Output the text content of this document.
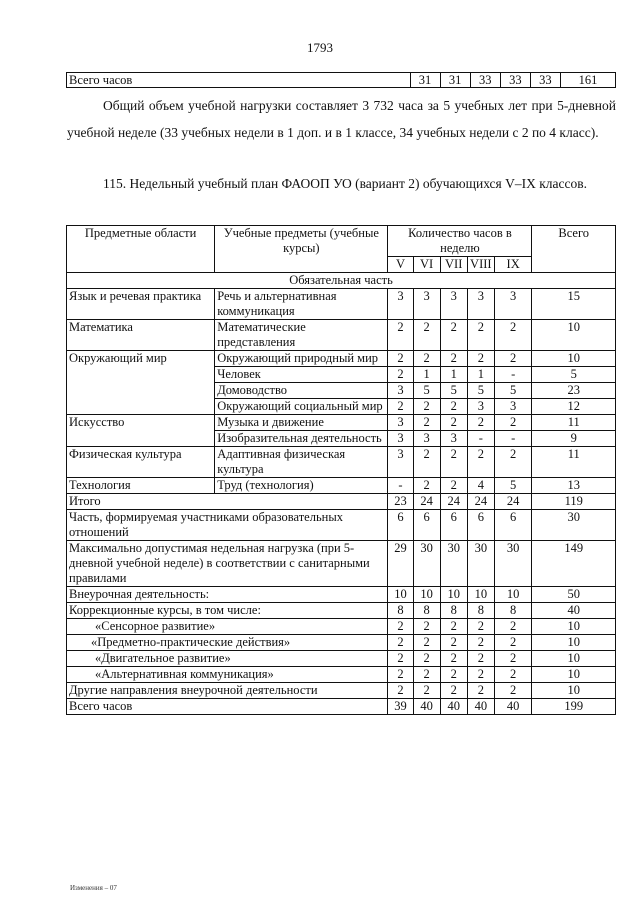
1793
Всего часов	31	31	33	33	33	161

Общий объем учебной нагрузки составляет 3 732 часа за 5 учебных лет при 5-дневной учебной неделе (33 учебных недели в 1 доп. и в 1 классе, 34 учебных недели с 2 по 4 класс).

115. Недельный учебный план ФАООП УО (вариант 2) обучающихся V–IX классов.

Предметные области	Учебные предметы (учебные курсы)	Количество часов в неделю					Всего
		V	VI	VII	VIII	IX	
Обязательная часть							
Язык и речевая практика	Речь и альтернативная коммуникация	3	3	3	3	3	15
Математика	Математические представления	2	2	2	2	2	10
Окружающий мир	Окружающий природный мир	2	2	2	2	2	10
	Человек	2	1	1	1	-	5
	Домоводство	3	5	5	5	5	23
	Окружающий социальный мир	2	2	2	3	3	12
Искусство	Музыка и движение	3	2	2	2	2	11
	Изобразительная деятельность	3	3	3	-	-	9
Физическая культура	Адаптивная физическая культура	3	2	2	2	2	11
Технология	Труд (технология)	-	2	2	4	5	13
Итого		23	24	24	24	24	119
Часть, формируемая участниками образовательных отношений		6	6	6	6	6	30
Максимально допустимая недельная нагрузка (при 5-дневной учебной неделе) в соответствии с санитарными правилами		29	30	30	30	30	149
Внеурочная деятельность:		10	10	10	10	10	50
Коррекционные курсы, в том числе:		8	8	8	8	8	40
«Сенсорное развитие»		2	2	2	2	2	10
«Предметно-практические действия»		2	2	2	2	2	10
«Двигательное развитие»		2	2	2	2	2	10
«Альтернативная коммуникация»		2	2	2	2	2	10
Другие направления внеурочной деятельности		2	2	2	2	2	10
Всего часов		39	40	40	40	40	199
Изменения – 07
